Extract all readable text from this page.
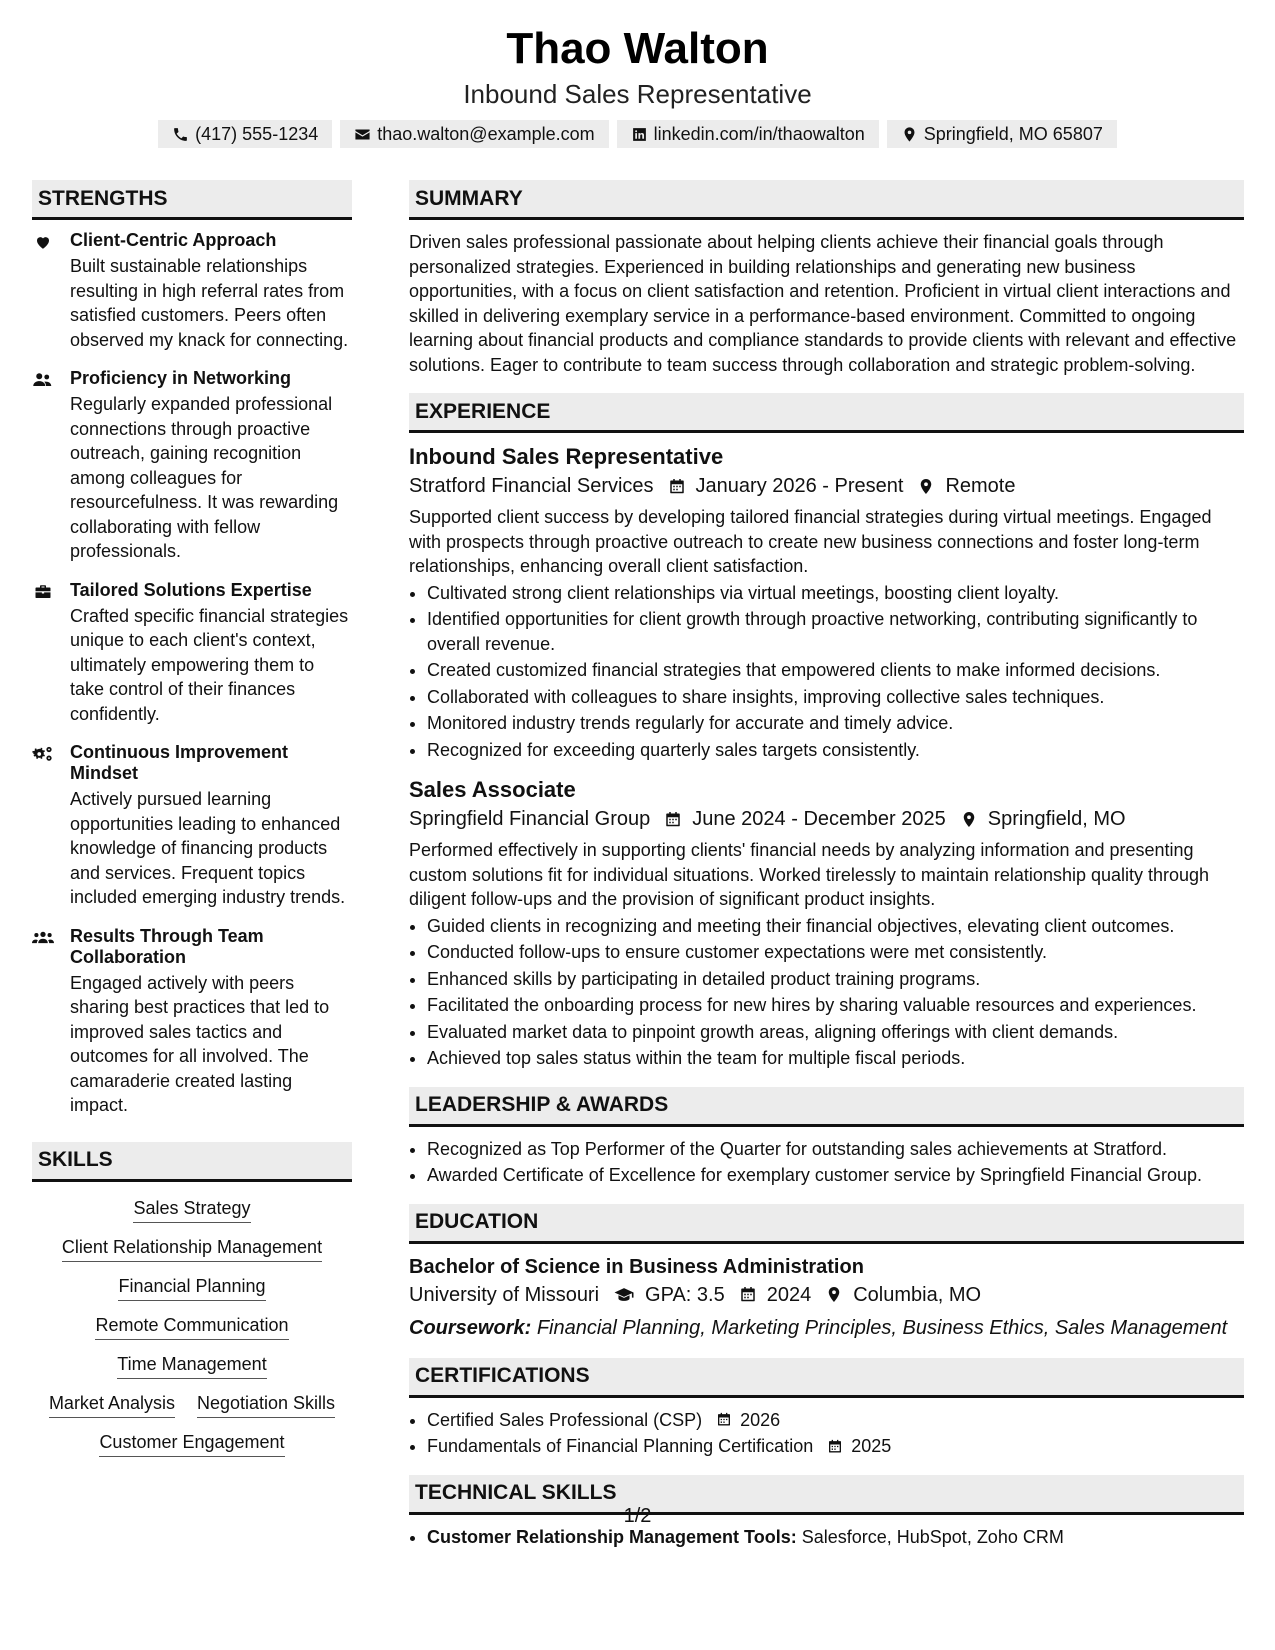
Thao Walton
Inbound Sales Representative
(417) 555-1234	thao.walton@example.com	linkedin.com/in/thaowalton	Springfield, MO 65807
STRENGTHS
Client-Centric Approach
Built sustainable relationships resulting in high referral rates from satisfied customers. Peers often observed my knack for connecting.
Proficiency in Networking
Regularly expanded professional connections through proactive outreach, gaining recognition among colleagues for resourcefulness. It was rewarding collaborating with fellow professionals.
Tailored Solutions Expertise
Crafted specific financial strategies unique to each client's context, ultimately empowering them to take control of their finances confidently.
Continuous Improvement Mindset
Actively pursued learning opportunities leading to enhanced knowledge of financing products and services. Frequent topics included emerging industry trends.
Results Through Team Collaboration
Engaged actively with peers sharing best practices that led to improved sales tactics and outcomes for all involved. The camaraderie created lasting impact.
SKILLS
Sales Strategy
Client Relationship Management
Financial Planning
Remote Communication
Time Management
Market Analysis Negotiation Skills
Customer Engagement
SUMMARY
Driven sales professional passionate about helping clients achieve their financial goals through personalized strategies. Experienced in building relationships and generating new business opportunities, with a focus on client satisfaction and retention. Proficient in virtual client interactions and skilled in delivering exemplary service in a performance-based environment. Committed to ongoing learning about financial products and compliance standards to provide clients with relevant and effective solutions. Eager to contribute to team success through collaboration and strategic problem-solving.
EXPERIENCE
Inbound Sales Representative
Stratford Financial Services January 2026 - Present Remote
Supported client success by developing tailored financial strategies during virtual meetings. Engaged with prospects through proactive outreach to create new business connections and foster long-term relationships, enhancing overall client satisfaction.
• Cultivated strong client relationships via virtual meetings, boosting client loyalty.
• Identified opportunities for client growth through proactive networking, contributing significantly to overall revenue.
• Created customized financial strategies that empowered clients to make informed decisions.
• Collaborated with colleagues to share insights, improving collective sales techniques.
• Monitored industry trends regularly for accurate and timely advice.
• Recognized for exceeding quarterly sales targets consistently.
Sales Associate
Springfield Financial Group June 2024 - December 2025 Springfield, MO
Performed effectively in supporting clients' financial needs by analyzing information and presenting custom solutions fit for individual situations. Worked tirelessly to maintain relationship quality through diligent follow-ups and the provision of significant product insights.
• Guided clients in recognizing and meeting their financial objectives, elevating client outcomes.
• Conducted follow-ups to ensure customer expectations were met consistently.
• Enhanced skills by participating in detailed product training programs.
• Facilitated the onboarding process for new hires by sharing valuable resources and experiences.
• Evaluated market data to pinpoint growth areas, aligning offerings with client demands.
• Achieved top sales status within the team for multiple fiscal periods.
LEADERSHIP & AWARDS
• Recognized as Top Performer of the Quarter for outstanding sales achievements at Stratford.
• Awarded Certificate of Excellence for exemplary customer service by Springfield Financial Group.
EDUCATION
Bachelor of Science in Business Administration
University of Missouri GPA: 3.5 2024 Columbia, MO
Coursework: Financial Planning, Marketing Principles, Business Ethics, Sales Management
CERTIFICATIONS
• Certified Sales Professional (CSP) 2026
• Fundamentals of Financial Planning Certification 2025
TECHNICAL SKILLS
• Customer Relationship Management Tools: Salesforce, HubSpot, Zoho CRM
1/2
